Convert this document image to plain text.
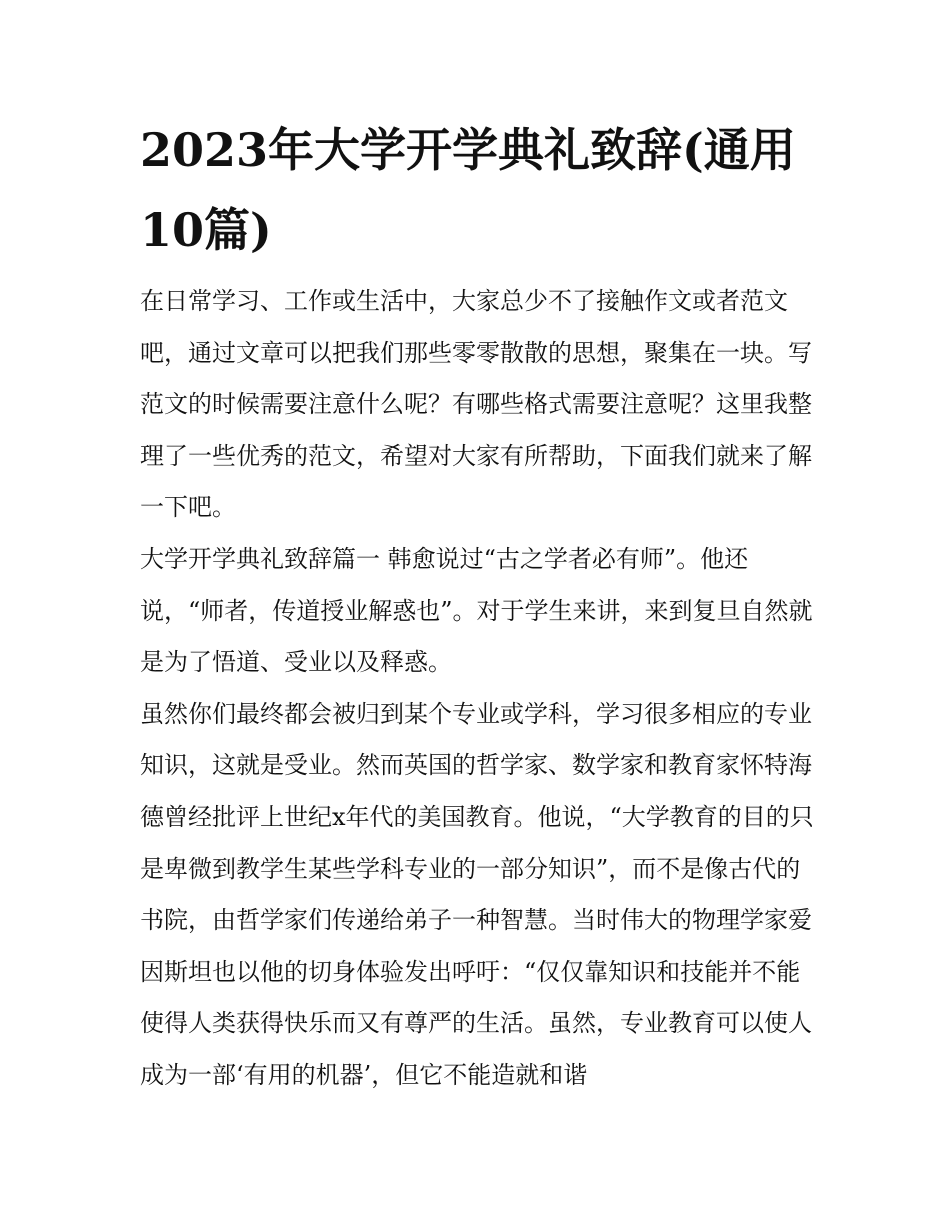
2023年大学开学典礼致辞(通用10篇)

在日常学习、工作或生活中，大家总少不了接触作文或者范文吧，通过文章可以把我们那些零零散散的思想，聚集在一块。写范文的时候需要注意什么呢？有哪些格式需要注意呢？这里我整理了一些优秀的范文，希望对大家有所帮助，下面我们就来了解一下吧。

大学开学典礼致辞篇一 韩愈说过“古之学者必有师”。他还说，“师者，传道授业解惑也”。对于学生来讲，来到复旦自然就是为了悟道、受业以及释惑。

虽然你们最终都会被归到某个专业或学科，学习很多相应的专业知识，这就是受业。然而英国的哲学家、数学家和教育家怀特海德曾经批评上世纪x年代的美国教育。他说，“大学教育的目的只是卑微到教学生某些学科专业的一部分知识”，而不是像古代的书院，由哲学家们传递给弟子一种智慧。当时伟大的物理学家爱因斯坦也以他的切身体验发出呼吁：“仅仅靠知识和技能并不能使得人类获得快乐而又有尊严的生活。虽然，专业教育可以使人成为一部‘有用的机器’，但它不能造就和谐
